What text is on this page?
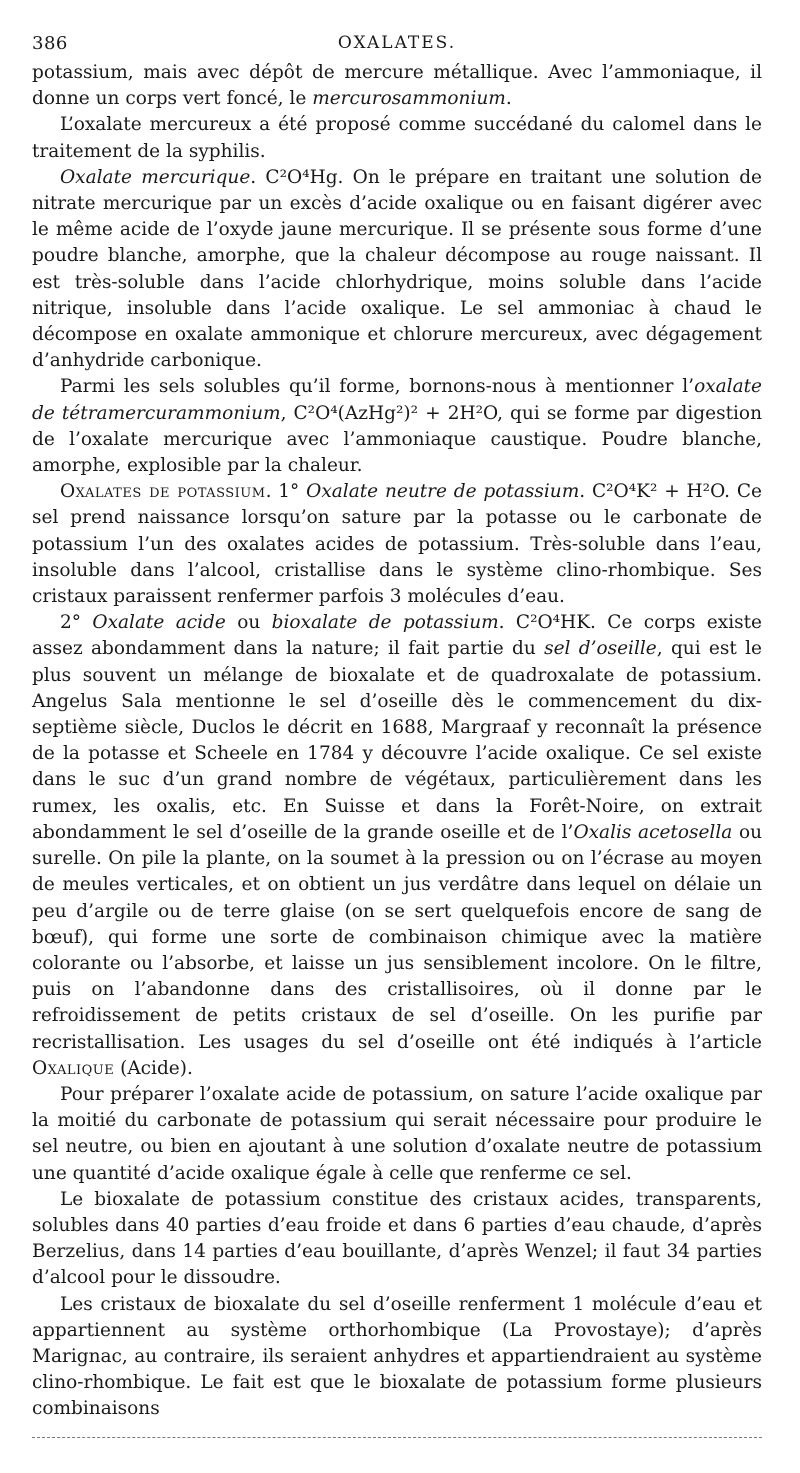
386	OXALATES.

potassium, mais avec dépôt de mercure métallique. Avec l’ammoniaque, il donne un corps vert foncé, le mercurosammonium.

L’oxalate mercureux a été proposé comme succédané du calomel dans le traitement de la syphilis.

Oxalate mercurique. C²O⁴Hg. On le prépare en traitant une solution de nitrate mercurique par un excès d’acide oxalique ou en faisant digérer avec le même acide de l’oxyde jaune mercurique. Il se présente sous forme d’une poudre blanche, amorphe, que la chaleur décompose au rouge naissant. Il est très-soluble dans l’acide chlorhydrique, moins soluble dans l’acide nitrique, insoluble dans l’acide oxalique. Le sel ammoniac à chaud le décompose en oxalate ammonique et chlorure mercureux, avec dégagement d’anhydride carbonique.

Parmi les sels solubles qu’il forme, bornons-nous à mentionner l’oxalate de tétramercurammonium, C²O⁴(AzHg²)² + 2H²O, qui se forme par digestion de l’oxalate mercurique avec l’ammoniaque caustique. Poudre blanche, amorphe, explosible par la chaleur.

Oxalates de potassium. 1° Oxalate neutre de potassium. C²O⁴K² + H²O. Ce sel prend naissance lorsqu’on sature par la potasse ou le carbonate de potassium l’un des oxalates acides de potassium. Très-soluble dans l’eau, insoluble dans l’alcool, cristallise dans le système clino-rhombique. Ses cristaux paraissent renfermer parfois 3 molécules d’eau.

2° Oxalate acide ou bioxalate de potassium. C²O⁴HK. Ce corps existe assez abondamment dans la nature; il fait partie du sel d’oseille, qui est le plus souvent un mélange de bioxalate et de quadroxalate de potassium. Angelus Sala mentionne le sel d’oseille dès le commencement du dix-septième siècle, Duclos le décrit en 1688, Margraaf y reconnaît la présence de la potasse et Scheele en 1784 y découvre l’acide oxalique. Ce sel existe dans le suc d’un grand nombre de végétaux, particulièrement dans les rumex, les oxalis, etc. En Suisse et dans la Forêt-Noire, on extrait abondamment le sel d’oseille de la grande oseille et de l’Oxalis acetosella ou surelle. On pile la plante, on la soumet à la pression ou on l’écrase au moyen de meules verticales, et on obtient un jus verdâtre dans lequel on délaie un peu d’argile ou de terre glaise (on se sert quelquefois encore de sang de bœuf), qui forme une sorte de combinaison chimique avec la matière colorante ou l’absorbe, et laisse un jus sensiblement incolore. On le filtre, puis on l’abandonne dans des cristallisoires, où il donne par le refroidissement de petits cristaux de sel d’oseille. On les purifie par recristallisation. Les usages du sel d’oseille ont été indiqués à l’article Oxalique (Acide).

Pour préparer l’oxalate acide de potassium, on sature l’acide oxalique par la moitié du carbonate de potassium qui serait nécessaire pour produire le sel neutre, ou bien en ajoutant à une solution d’oxalate neutre de potassium une quantité d’acide oxalique égale à celle que renferme ce sel.

Le bioxalate de potassium constitue des cristaux acides, transparents, solubles dans 40 parties d’eau froide et dans 6 parties d’eau chaude, d’après Berzelius, dans 14 parties d’eau bouillante, d’après Wenzel; il faut 34 parties d’alcool pour le dissoudre.

Les cristaux de bioxalate du sel d’oseille renferment 1 molécule d’eau et appartiennent au système orthorhombique (La Provostaye); d’après Marignac, au contraire, ils seraient anhydres et appartiendraient au système clino-rhombique. Le fait est que le bioxalate de potassium forme plusieurs combinaisons
